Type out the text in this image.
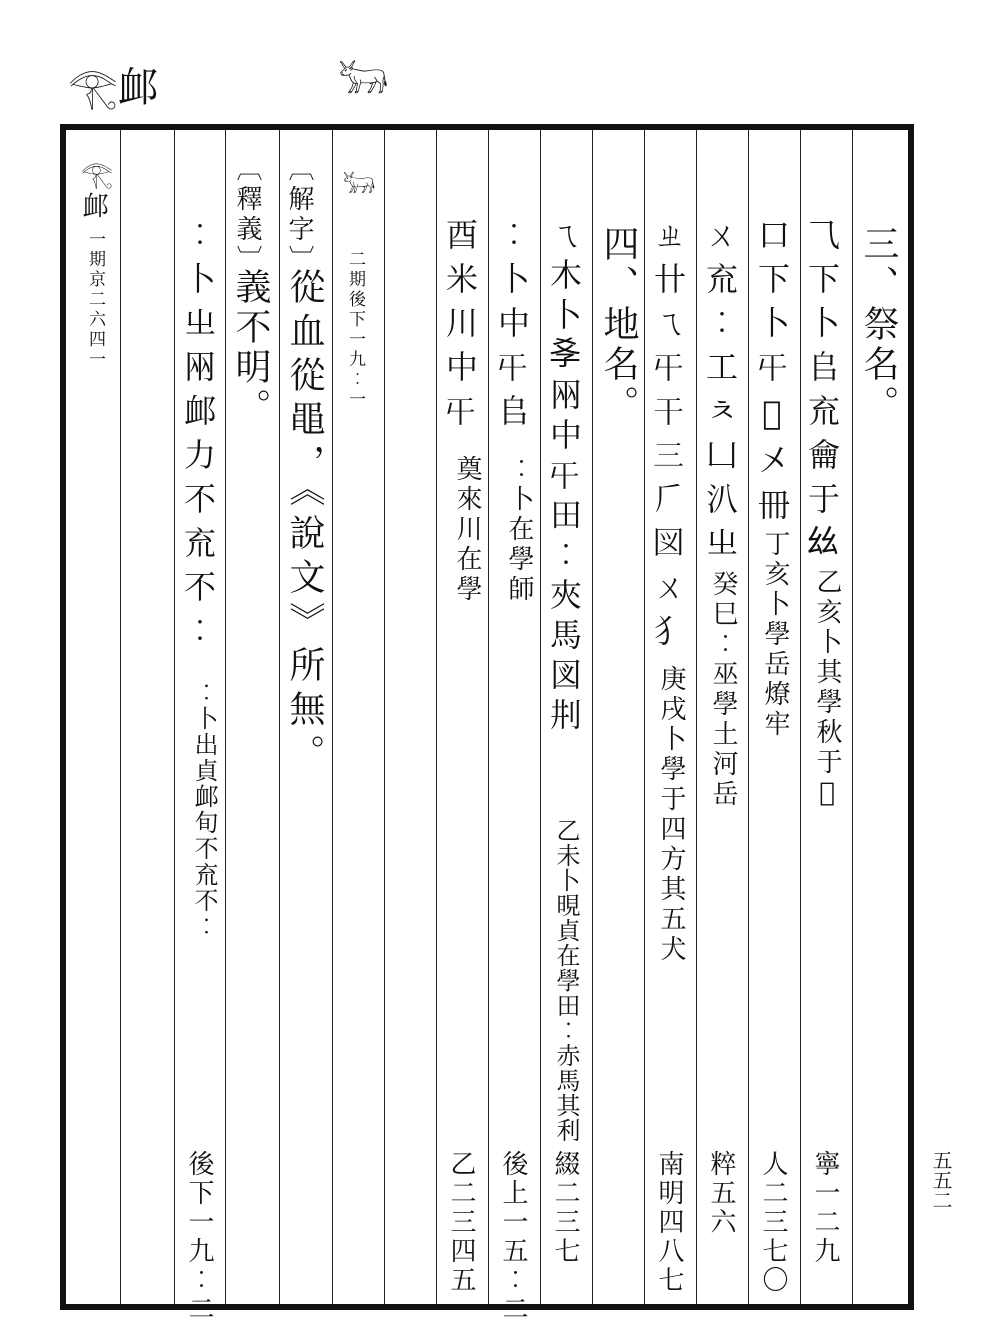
𓂀䘏	𓃒
五五二
三、祭名。
⺄下卜𠂤㐬龠于𢆶
乙亥卜其學秋于𤉲
寧一二九
口下卜𡕒𡵂㐅冊
丁亥卜學岳燎牢
人二三七〇
ㄨ㐬︰工ㅊ凵汃㞢
癸巳︰巫學土河岳
粹五六
ㄓ卄ㄟ𡕒干三𠂆図ㄨ犭
庚戌卜學于四方其五犬
南明四八七
四、地名。
ㄟ木卜𡥈㒳中𡕒田︰夾馬図㓝
乙未卜晛貞在學田︰赤馬其利
綴二三七
︰卜中𡕒𠂤
︰卜在學師
後上一五︰二
⾣米川中𡕒
奠來川在學
乙二三四五
𓃒
二期後下一九︰一
〔解字〕
從血從黽，《說文》所無。
〔釋義〕
義不明。
︰卜㞢㒳䘏力不㐬不︰
︰卜出貞䘏旬不㐬不︰
後下一九︰二
𓂀䘏
一期京二六四一
